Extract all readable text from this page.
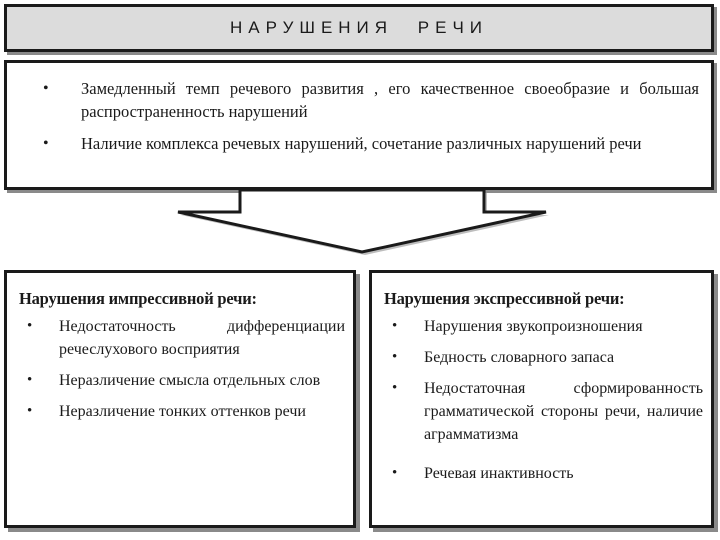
НАРУШЕНИЯ РЕЧИ
• Замедленный темп речевого развития , его качественное своеобразие и большая распространенность нарушений
• Наличие комплекса речевых нарушений, сочетание различных нарушений речи
Нарушения импрессивной речи:
• Недостаточность дифференциации речеслухового восприятия
• Неразличение смысла отдельных слов
• Неразличение тонких оттенков речи
Нарушения экспрессивной речи:
• Нарушения звукопроизношения
• Бедность словарного запаса
• Недостаточная сформированность грамматической стороны речи, наличие аграмматизма
• Речевая инактивность
